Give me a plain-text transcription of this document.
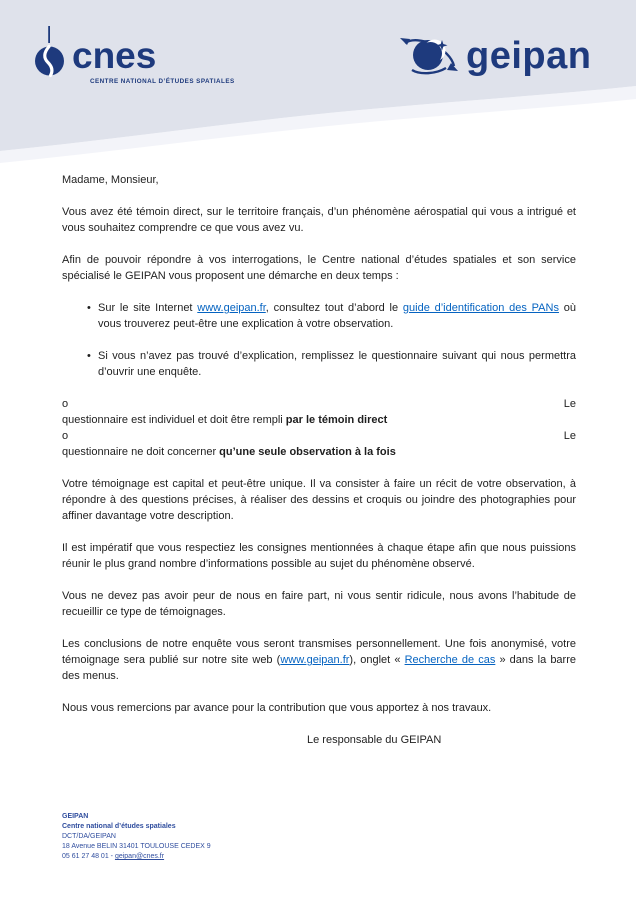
cnes
CENTRE NATIONAL D’ÉTUDES SPATIALES
geipan

Madame, Monsieur,

Vous avez été témoin direct, sur le territoire français, d’un phénomène aérospatial qui vous a intrigué et vous souhaitez comprendre ce que vous avez vu.

Afin de pouvoir répondre à vos interrogations, le Centre national d’études spatiales et son service spécialisé le GEIPAN vous proposent une démarche en deux temps :

• Sur le site Internet www.geipan.fr, consultez tout d’abord le guide d’identification des PANs où vous trouverez peut-être une explication à votre observation.
• Si vous n’avez pas trouvé d’explication, remplissez le questionnaire suivant qui nous permettra d’ouvrir une enquête.
o	Le
questionnaire est individuel et doit être rempli par le témoin direct
o	Le
questionnaire ne doit concerner qu’une seule observation à la fois

Votre témoignage est capital et peut-être unique. Il va consister à faire un récit de votre observation, à répondre à des questions précises, à réaliser des dessins et croquis ou joindre des photographies pour affiner davantage votre description.

Il est impératif que vous respectiez les consignes mentionnées à chaque étape afin que nous puissions réunir le plus grand nombre d’informations possible au sujet du phénomène observé.

Vous ne devez pas avoir peur de nous en faire part, ni vous sentir ridicule, nous avons l’habitude de recueillir ce type de témoignages.

Les conclusions de notre enquête vous seront transmises personnellement. Une fois anonymisé, votre témoignage sera publié sur notre site web (www.geipan.fr), onglet « Recherche de cas » dans la barre des menus.

Nous vous remercions par avance pour la contribution que vous apportez à nos travaux.

Le responsable du GEIPAN

GEIPAN
Centre national d’études spatiales
DCT/DA/GEIPAN
18 Avenue BELIN 31401 TOULOUSE CEDEX 9
05 61 27 48 01 - geipan@cnes.fr
